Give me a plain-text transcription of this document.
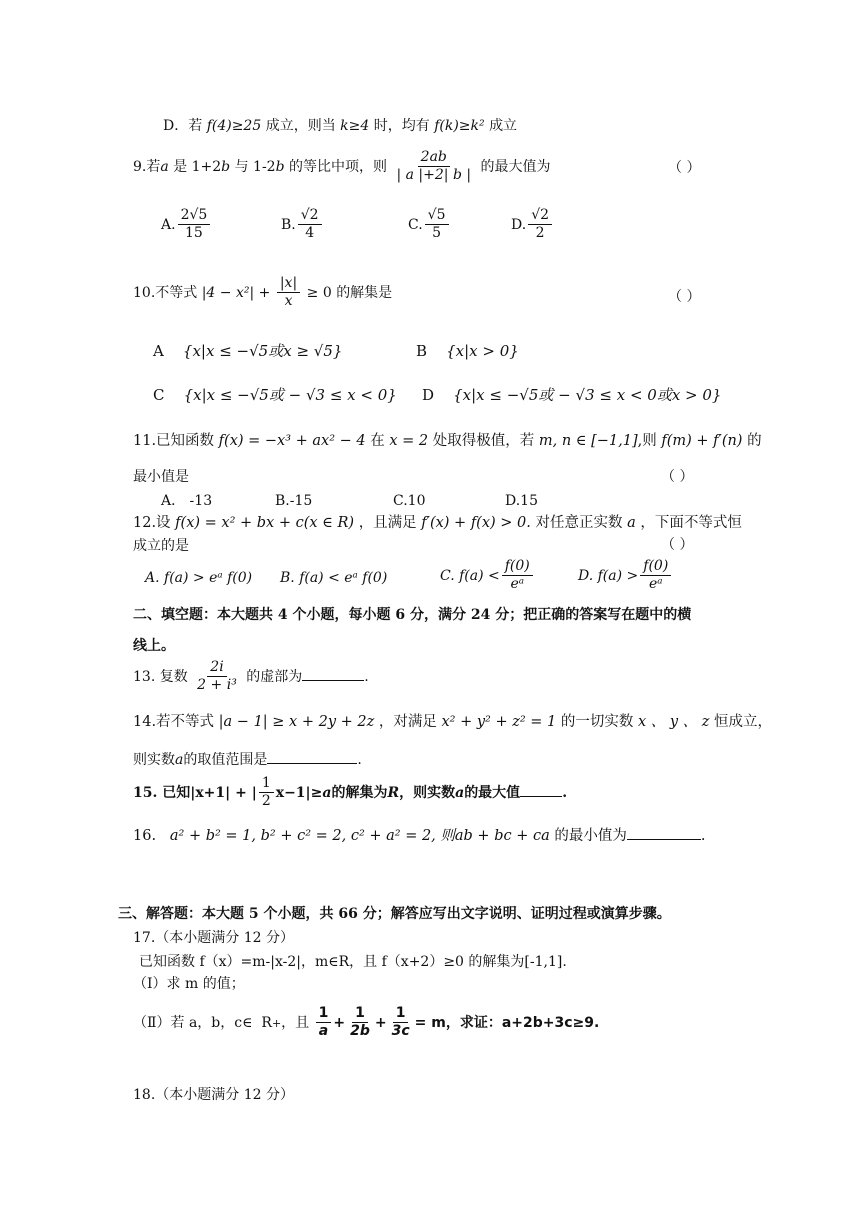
D．若 f(4)≥25 成立，则当 k≥4 时，均有 f(k)≥k² 成立
9.若a 是 1+2b 与 1-2b 的等比中项，则 $\frac{2ab}{| a |+2| b |}$ 的最大值为	（ ）
A. $\frac{2√5}{15}$	B. $\frac{√2}{4}$	C. $\frac{√5}{5}$	D. $\frac{√2}{2}$
10.不等式 $|4 - x^2| + \frac{|x|}{x} \ge 0$ 的解集是	（ ）
A {x|x ≤ −√5或x ≥ √5}	B {x|x > 0}
C {x|x ≤ −√5或 − √3 ≤ x < 0} D {x|x ≤ −√5或 − √3 ≤ x < 0或x > 0}
11.已知函数 f(x) = −x³ + ax² − 4 在 x = 2 处取得极值，若 m, n ∈ [−1,1],则 f(m) + f′(n) 的
最小值是	（ ）
A． -13	B.-15	C.10	D.15
12.设 f(x) = x² + bx + c(x ∈ R) ，且满足 f′(x) + f(x) > 0. 对任意正实数 a ，下面不等式恒
成立的是	（ ）
A. f(a) > eᵃ f(0) B. f(a) < eᵃ f(0)	C. $f(a) < \frac{f(0)}{\text{eᵃ}}$	D. $f(a) > \frac{f(0)}{\text{eᵃ}}$
二、填空题：本大题共 4 个小题，每小题 6 分，满分 24 分；把正确的答案写在题中的横
线上。
13. 复数 $\frac{2i}{\text{2 + i³}}$ 的虚部为	.
14.若不等式 |a − 1| ≥ x + 2y + 2z ，对满足 x² + y² + z² = 1 的一切实数 x 、 y 、 z 恒成立，
则实数a的取值范围是	.
15. 已知|x+1| + | $\frac{1}{2} x-1|\ge a$的解集为R，则实数a的最大值	.
16. a² + b² = 1, b² + c² = 2, c² + a² = 2, 则ab + bc + ca 的最小值为	.
三、解答题：本大题 5 个小题，共 66 分；解答应写出文字说明、证明过程或演算步骤。
17.（本小题满分 12 分）
已知函数 f（x）=m-|x-2|，m∈R，且 f（x+2）≥0 的解集为[-1,1].
（Ⅰ）求 m 的值；
（Ⅱ）若 a，b，c∈ R+，且 $\frac{1}{a} + \frac{1}{2b} + \frac{1}{3c} = m$，求证：a+2b+3c≥9.
18.（本小题满分 12 分）
